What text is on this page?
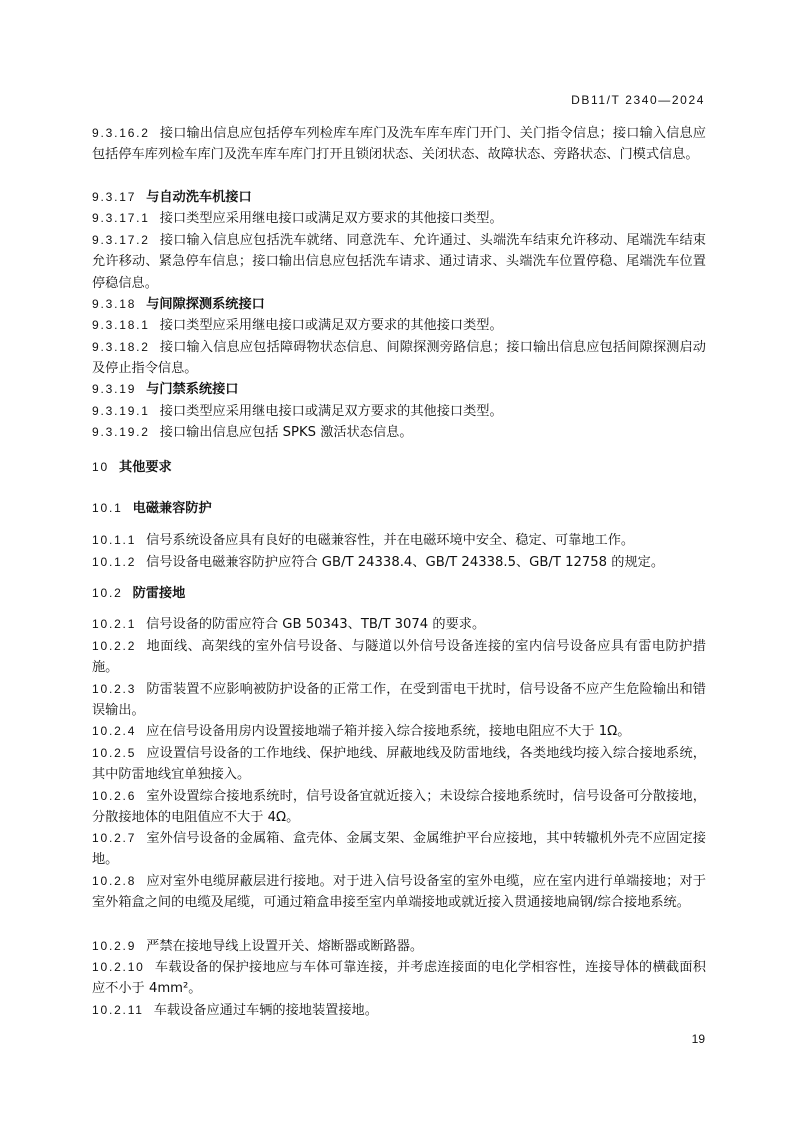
DB11/T 2340—2024
9.3.16.2 接口输出信息应包括停车列检库车库门及洗车库车库门开门、关门指令信息；接口输入信息应包括停车库列检车库门及洗车库车库门打开且锁闭状态、关闭状态、故障状态、旁路状态、门模式信息。
9.3.17 与自动洗车机接口
9.3.17.1 接口类型应采用继电接口或满足双方要求的其他接口类型。
9.3.17.2 接口输入信息应包括洗车就绪、同意洗车、允许通过、头端洗车结束允许移动、尾端洗车结束允许移动、紧急停车信息；接口输出信息应包括洗车请求、通过请求、头端洗车位置停稳、尾端洗车位置停稳信息。
9.3.18 与间隙探测系统接口
9.3.18.1 接口类型应采用继电接口或满足双方要求的其他接口类型。
9.3.18.2 接口输入信息应包括障碍物状态信息、间隙探测旁路信息；接口输出信息应包括间隙探测启动及停止指令信息。
9.3.19 与门禁系统接口
9.3.19.1 接口类型应采用继电接口或满足双方要求的其他接口类型。
9.3.19.2 接口输出信息应包括 SPKS 激活状态信息。
10 其他要求
10.1 电磁兼容防护
10.1.1 信号系统设备应具有良好的电磁兼容性，并在电磁环境中安全、稳定、可靠地工作。
10.1.2 信号设备电磁兼容防护应符合 GB/T 24338.4、GB/T 24338.5、GB/T 12758 的规定。
10.2 防雷接地
10.2.1 信号设备的防雷应符合 GB 50343、TB/T 3074 的要求。
10.2.2 地面线、高架线的室外信号设备、与隧道以外信号设备连接的室内信号设备应具有雷电防护措施。
10.2.3 防雷装置不应影响被防护设备的正常工作，在受到雷电干扰时，信号设备不应产生危险输出和错误输出。
10.2.4 应在信号设备用房内设置接地端子箱并接入综合接地系统，接地电阻应不大于 1Ω。
10.2.5 应设置信号设备的工作地线、保护地线、屏蔽地线及防雷地线，各类地线均接入综合接地系统，其中防雷地线宜单独接入。
10.2.6 室外设置综合接地系统时，信号设备宜就近接入；未设综合接地系统时，信号设备可分散接地，分散接地体的电阻值应不大于 4Ω。
10.2.7 室外信号设备的金属箱、盒壳体、金属支架、金属维护平台应接地，其中转辙机外壳不应固定接地。
10.2.8 应对室外电缆屏蔽层进行接地。对于进入信号设备室的室外电缆，应在室内进行单端接地；对于室外箱盒之间的电缆及尾缆，可通过箱盒串接至室内单端接地或就近接入贯通接地扁钢/综合接地系统。
10.2.9 严禁在接地导线上设置开关、熔断器或断路器。
10.2.10 车载设备的保护接地应与车体可靠连接，并考虑连接面的电化学相容性，连接导体的横截面积应不小于 4mm²。
10.2.11 车载设备应通过车辆的接地装置接地。
19
